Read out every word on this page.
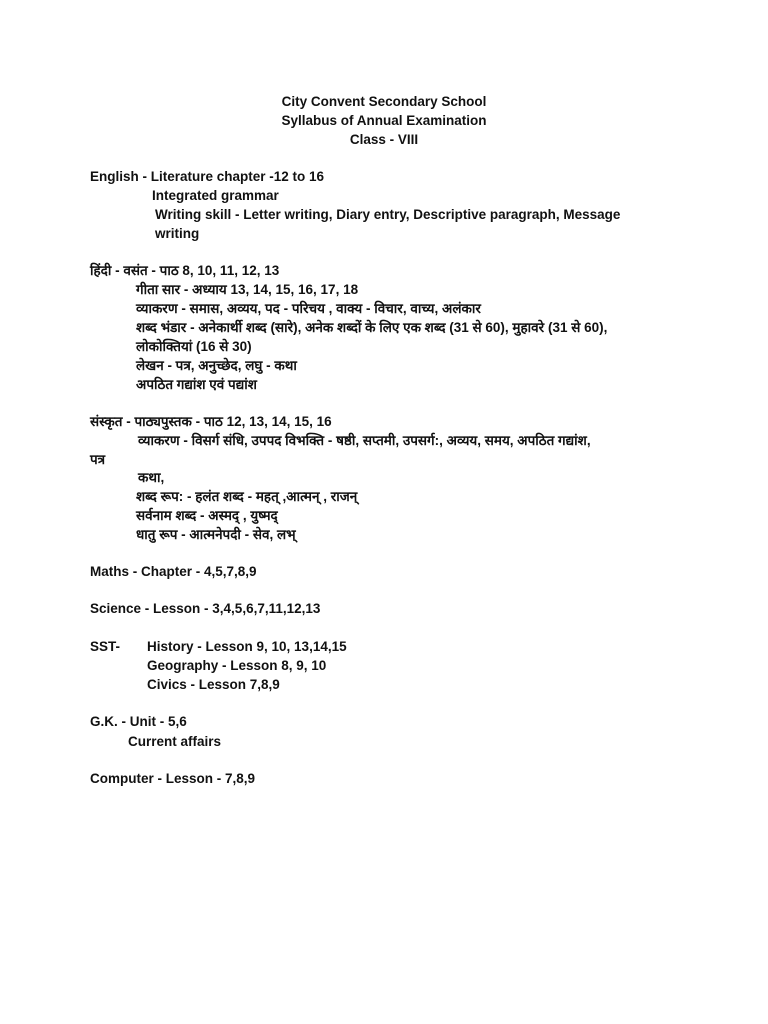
City Convent Secondary School
Syllabus of Annual Examination
Class - VIII
English - Literature chapter -12 to 16
Integrated grammar
Writing skill - Letter writing, Diary entry, Descriptive paragraph, Message
writing
हिंदी - वसंत - पाठ 8, 10, 11, 12, 13
गीता सार - अध्याय 13, 14, 15, 16, 17, 18
व्याकरण - समास, अव्यय, पद - परिचय , वाक्य - विचार, वाच्य, अलंकार
शब्द भंडार - अनेकार्थी शब्द (सारे), अनेक शब्दों के लिए एक शब्द (31 से 60), मुहावरे (31 से 60),
लोकोक्तियां (16 से 30)
लेखन - पत्र, अनुच्छेद, लघु - कथा
अपठित गद्यांश एवं पद्यांश
संस्कृत - पाठ्यपुस्तक - पाठ 12, 13, 14, 15, 16
व्याकरण - विसर्ग संधि, उपपद विभक्ति - षष्ठी, सप्तमी, उपसर्ग:, अव्यय, समय, अपठित गद्यांश,
पत्र
कथा,
शब्द रूप: - हलंत शब्द - महत् ,आत्मन् , राजन्
सर्वनाम शब्द - अस्मद् , युष्मद्
धातु रूप - आत्मनेपदी - सेव, लभ्
Maths - Chapter - 4,5,7,8,9
Science - Lesson - 3,4,5,6,7,11,12,13
SST- History - Lesson 9, 10, 13,14,15
Geography - Lesson 8, 9, 10
Civics - Lesson 7,8,9
G.K. - Unit - 5,6
Current affairs
Computer - Lesson - 7,8,9
